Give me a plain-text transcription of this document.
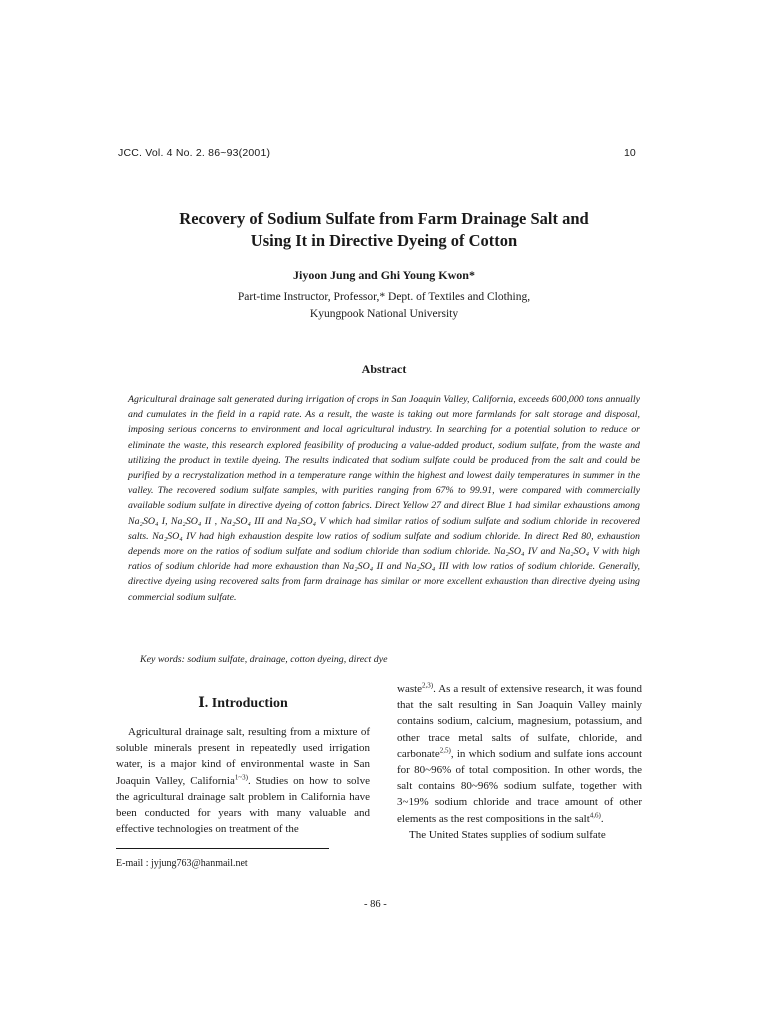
JCC. Vol. 4 No. 2. 86~93(2001)	10
Recovery of Sodium Sulfate from Farm Drainage Salt and
Using It in Directive Dyeing of Cotton
Jiyoon Jung and Ghi Young Kwon*
Part-time Instructor, Professor,* Dept. of Textiles and Clothing,
Kyungpook National University
Abstract
Agricultural drainage salt generated during irrigation of crops in San Joaquin Valley, California, exceeds 600,000 tons annually and cumulates in the field in a rapid rate. As a result, the waste is taking out more farmlands for salt storage and disposal, imposing serious concerns to environment and local agricultural industry. In searching for a potential solution to reduce or eliminate the waste, this research explored feasibility of producing a value-added product, sodium sulfate, from the waste and utilizing the product in textile dyeing. The results indicated that sodium sulfate could be produced from the salt and could be purified by a recrystalization method in a temperature range within the highest and lowest daily temperatures in summer in the valley. The recovered sodium sulfate samples, with purities ranging from 67% to 99.91, were compared with commercially available sodium sulfate in directive dyeing of cotton fabrics. Direct Yellow 27 and direct Blue 1 had similar exhaustions among Na₂SO₄ I, Na₂SO₄ II , Na₂SO₄ III and Na₂SO₄ V which had similar ratios of sodium sulfate and sodium chloride in recovered salts. Na₂SO₄ IV had high exhaustion despite low ratios of sodium sulfate and sodium chloride. In direct Red 80, exhaustion depends more on the ratios of sodium sulfate and sodium chloride than sodium chloride. Na₂SO₄ IV and Na₂SO₄ V with high ratios of sodium chloride had more exhaustion than Na₂SO₄ II and Na₂SO₄ III with low ratios of sodium chloride. Generally, directive dyeing using recovered salts from farm drainage has similar or more excellent exhaustion than directive dyeing using commercial sodium sulfate.
Key words: sodium sulfate, drainage, cotton dyeing, direct dye
Ⅰ. Introduction

Agricultural drainage salt, resulting from a mixture of soluble minerals present in repeatedly used irrigation water, is a major kind of environmental waste in San Joaquin Valley, California$^{1\sim 3)}$. Studies on how to solve the agricultural drainage salt problem in California have been conducted for years with many valuable and effective technologies on treatment of the

waste$^{2,3)}$. As a result of extensive research, it was found that the salt resulting in San Joaquin Valley mainly contains sodium, calcium, magnesium, potassium, and other trace metal salts of sulfate, chloride, and carbonate$^{2,5)}$, in which sodium and sulfate ions account for 80~96% of total composition. In other words, the salt contains 80~96% sodium sulfate, together with 3~19% sodium chloride and trace amount of other elements as the rest compositions in the salt$^{4,6)}$.

The United States supplies of sodium sulfate

E-mail : jyjung763@hanmail.net
- 86 -
